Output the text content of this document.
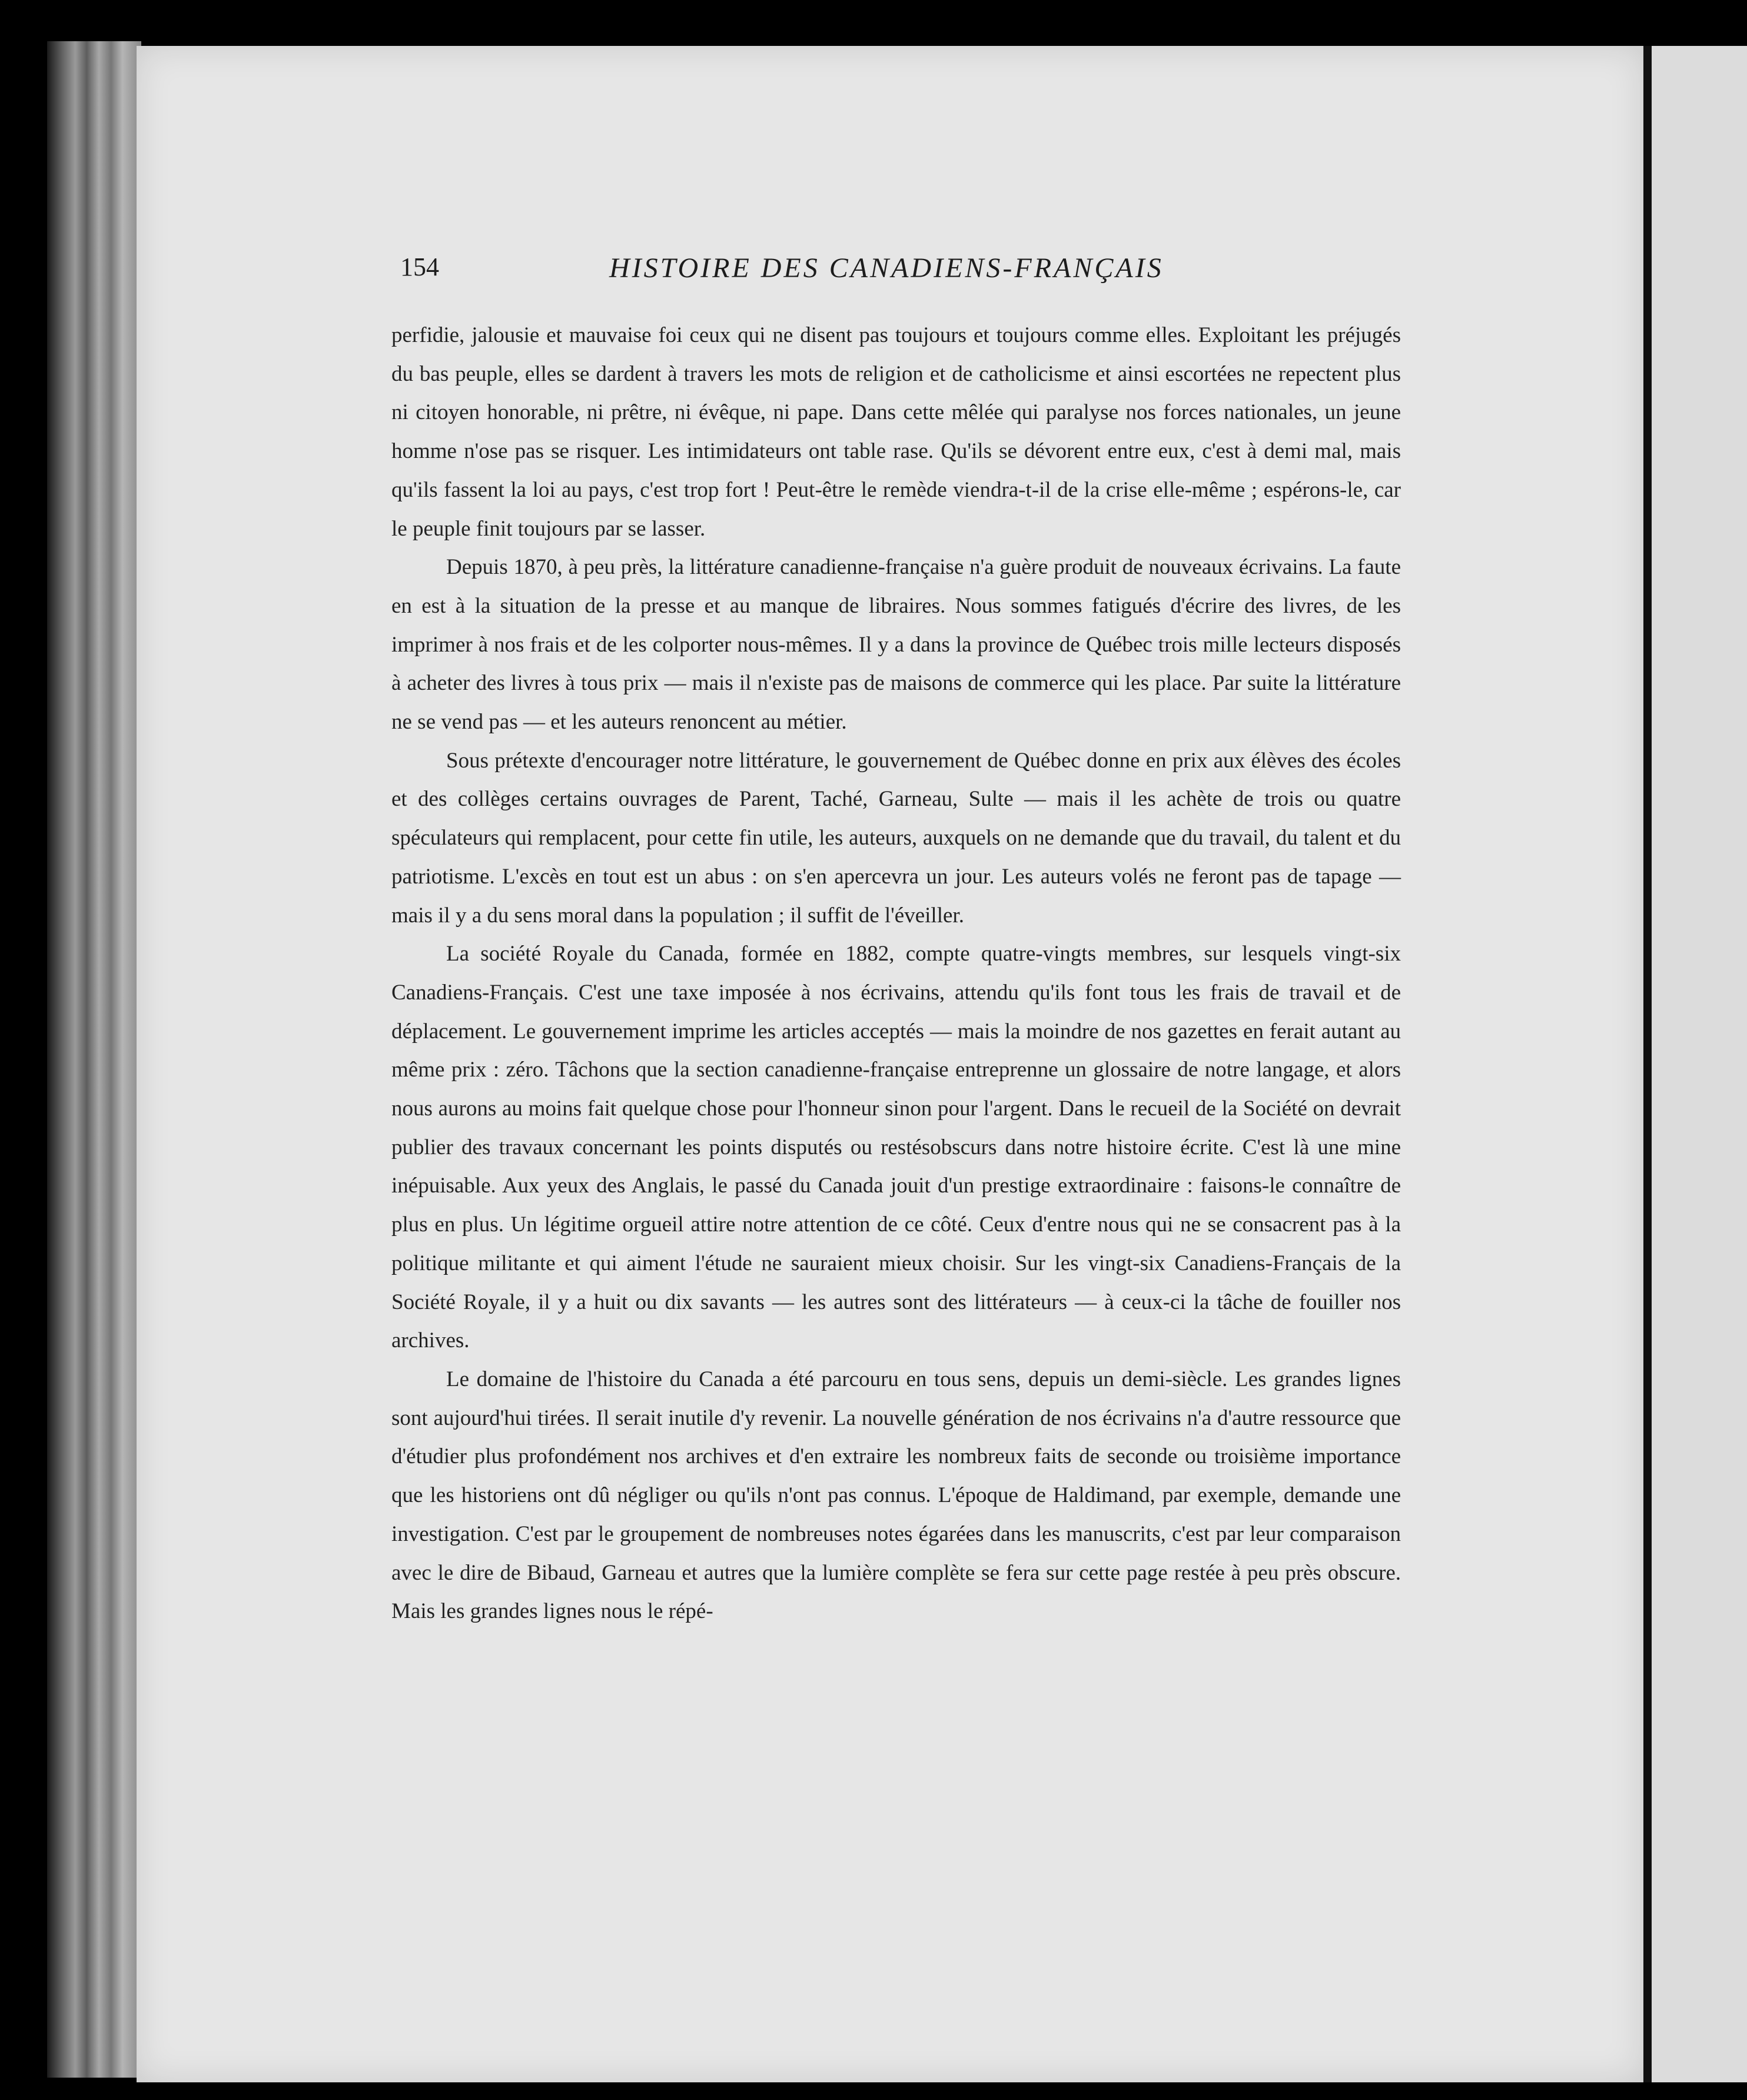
154	HISTOIRE DES CANADIENS-FRANÇAIS

perfidie, jalousie et mauvaise foi ceux qui ne disent pas toujours et toujours comme elles. Exploitant les préjugés du bas peuple, elles se dardent à travers les mots de religion et de catholicisme et ainsi escortées ne repectent plus ni citoyen honorable, ni prêtre, ni évêque, ni pape. Dans cette mêlée qui paralyse nos forces nationales, un jeune homme n'ose pas se risquer. Les intimidateurs ont table rase. Qu'ils se dévorent entre eux, c'est à demi mal, mais qu'ils fassent la loi au pays, c'est trop fort ! Peut-être le remède viendra-t-il de la crise elle-même ; espérons-le, car le peuple finit toujours par se lasser.

Depuis 1870, à peu près, la littérature canadienne-française n'a guère produit de nouveaux écrivains. La faute en est à la situation de la presse et au manque de libraires. Nous sommes fatigués d'écrire des livres, de les imprimer à nos frais et de les colporter nous-mêmes. Il y a dans la province de Québec trois mille lecteurs disposés à acheter des livres à tous prix — mais il n'existe pas de maisons de commerce qui les place. Par suite la littérature ne se vend pas — et les auteurs renoncent au métier.

Sous prétexte d'encourager notre littérature, le gouvernement de Québec donne en prix aux élèves des écoles et des collèges certains ouvrages de Parent, Taché, Garneau, Sulte — mais il les achète de trois ou quatre spéculateurs qui remplacent, pour cette fin utile, les auteurs, auxquels on ne demande que du travail, du talent et du patriotisme. L'excès en tout est un abus : on s'en apercevra un jour. Les auteurs volés ne feront pas de tapage — mais il y a du sens moral dans la population ; il suffit de l'éveiller.

La société Royale du Canada, formée en 1882, compte quatre-vingts membres, sur lesquels vingt-six Canadiens-Français. C'est une taxe imposée à nos écrivains, attendu qu'ils font tous les frais de travail et de déplacement. Le gouvernement imprime les articles acceptés — mais la moindre de nos gazettes en ferait autant au même prix : zéro. Tâchons que la section canadienne-française entreprenne un glossaire de notre langage, et alors nous aurons au moins fait quelque chose pour l'honneur sinon pour l'argent. Dans le recueil de la Société on devrait publier des travaux concernant les points disputés ou restésobscurs dans notre histoire écrite. C'est là une mine inépuisable. Aux yeux des Anglais, le passé du Canada jouit d'un prestige extraordinaire : faisons-le connaître de plus en plus. Un légitime orgueil attire notre attention de ce côté. Ceux d'entre nous qui ne se consacrent pas à la politique militante et qui aiment l'étude ne sauraient mieux choisir. Sur les vingt-six Canadiens-Français de la Société Royale, il y a huit ou dix savants — les autres sont des littérateurs — à ceux-ci la tâche de fouiller nos archives.

Le domaine de l'histoire du Canada a été parcouru en tous sens, depuis un demi-siècle. Les grandes lignes sont aujourd'hui tirées. Il serait inutile d'y revenir. La nouvelle génération de nos écrivains n'a d'autre ressource que d'étudier plus profondément nos archives et d'en extraire les nombreux faits de seconde ou troisième importance que les historiens ont dû négliger ou qu'ils n'ont pas connus. L'époque de Haldimand, par exemple, demande une investigation. C'est par le groupement de nombreuses notes égarées dans les manuscrits, c'est par leur comparaison avec le dire de Bibaud, Garneau et autres que la lumière complète se fera sur cette page restée à peu près obscure. Mais les grandes lignes nous le répé-
